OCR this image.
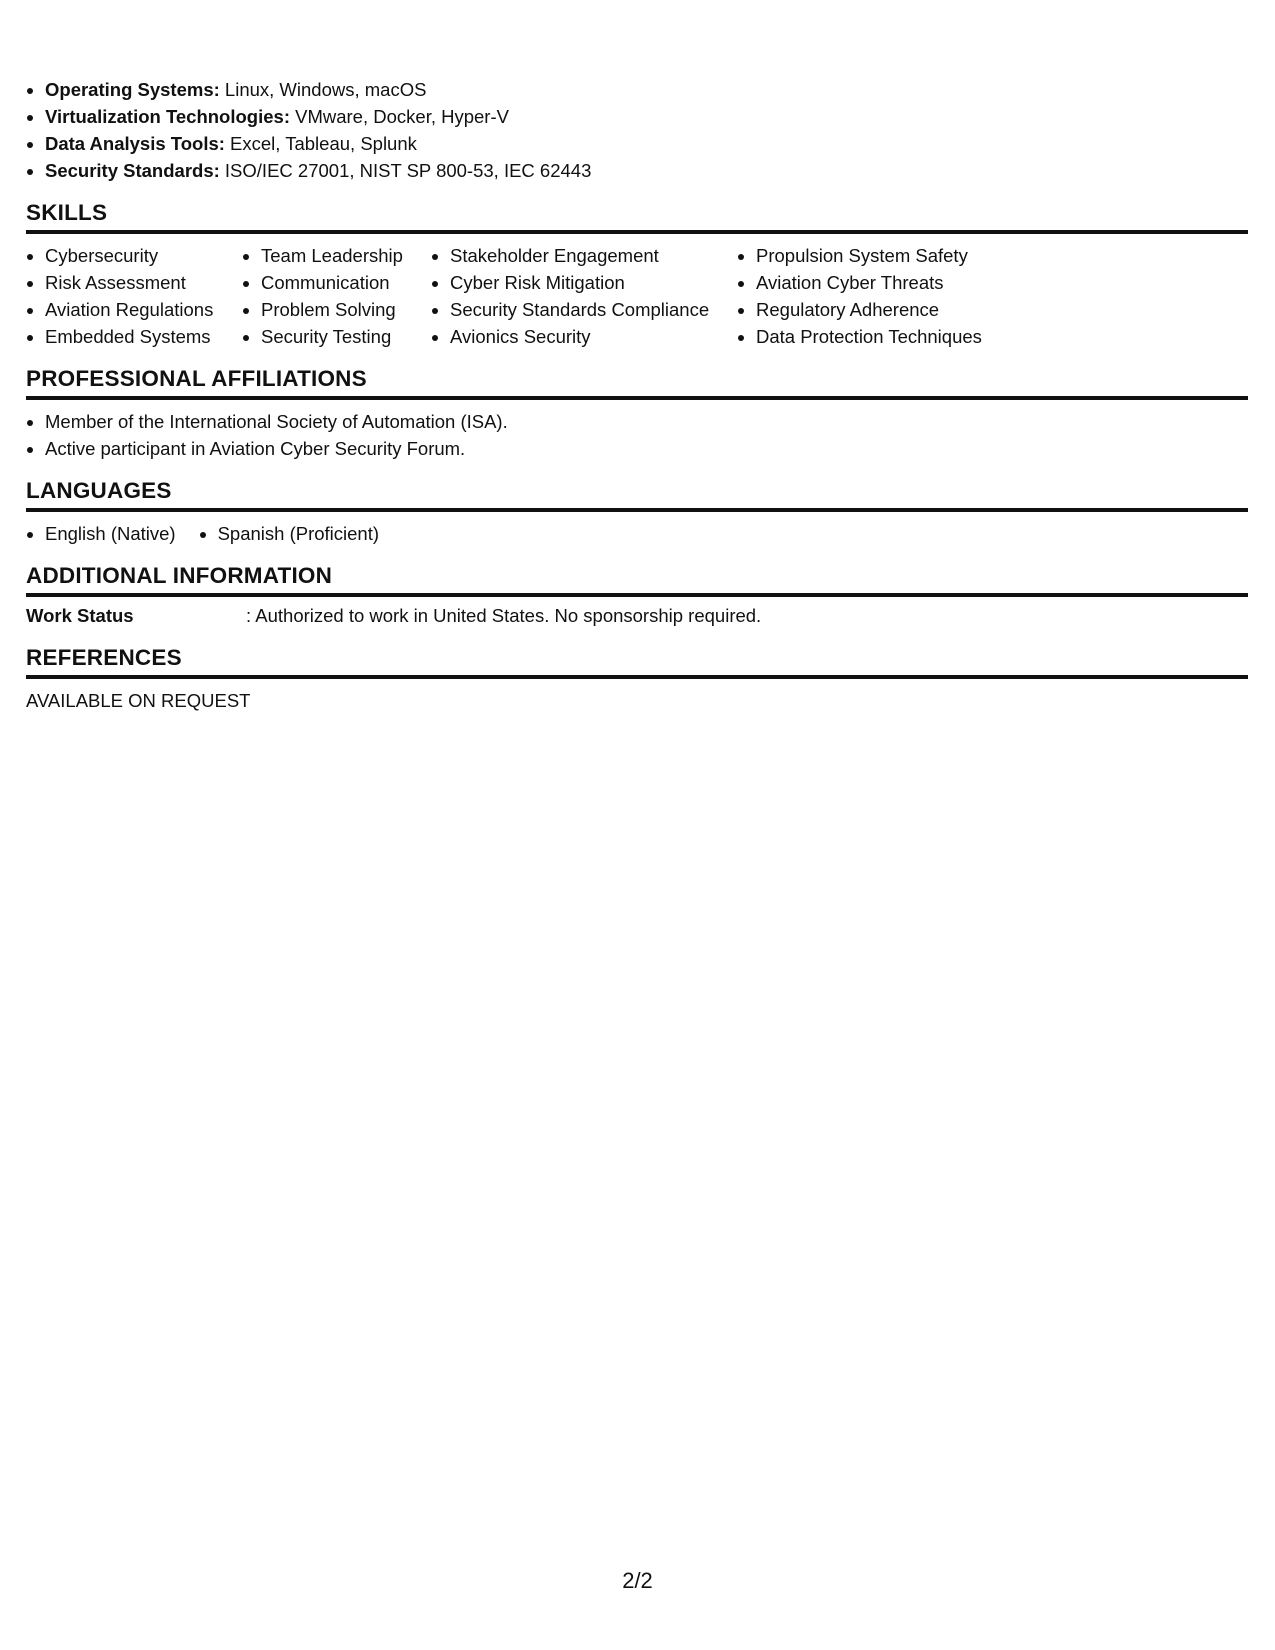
Operating Systems: Linux, Windows, macOS
Virtualization Technologies: VMware, Docker, Hyper-V
Data Analysis Tools: Excel, Tableau, Splunk
Security Standards: ISO/IEC 27001, NIST SP 800-53, IEC 62443
SKILLS
Cybersecurity
Risk Assessment
Aviation Regulations
Embedded Systems
Team Leadership
Communication
Problem Solving
Security Testing
Stakeholder Engagement
Cyber Risk Mitigation
Security Standards Compliance
Avionics Security
Propulsion System Safety
Aviation Cyber Threats
Regulatory Adherence
Data Protection Techniques
PROFESSIONAL AFFILIATIONS
Member of the International Society of Automation (ISA).
Active participant in Aviation Cyber Security Forum.
LANGUAGES
English (Native)	Spanish (Proficient)
ADDITIONAL INFORMATION
Work Status	: Authorized to work in United States. No sponsorship required.
REFERENCES
AVAILABLE ON REQUEST
2/2
